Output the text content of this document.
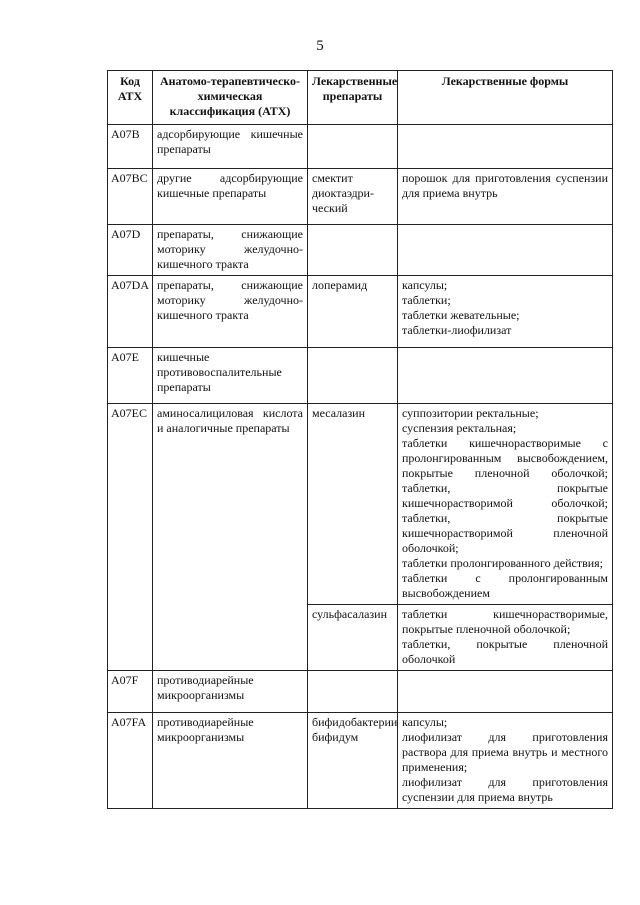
5
Код АТХ	Анатомо-терапевтическо-химическая классификация (АТХ)	Лекарственные препараты	Лекарственные формы
A07B	адсорбирующие кишечные препараты		
A07BC	другие адсорбирующие кишечные препараты	смектит диоктаэдри-ческий	порошок для приготовления суспензии для приема внутрь

A07D	препараты, снижающие моторику желудочно-кишечного тракта		
A07DA	препараты, снижающие моторику желудочно-кишечного тракта	лоперамид	капсулы;
таблетки;
таблетки жевательные;
таблетки-лиофилизат

A07E	кишечные противовоспалительные препараты		
A07EC	аминосалициловая кислота и аналогичные препараты	месалазин	суппозитории ректальные;
суспензия ректальная;
таблетки кишечнорастворимые с пролонгированным высвобождением, покрытые пленочной оболочкой; таблетки, покрытые кишечнорастворимой оболочкой; таблетки, покрытые кишечнорастворимой пленочной оболочкой;
таблетки пролонгированного действия;
таблетки с пролонгированным высвобождением

		сульфасалазин	таблетки кишечнорастворимые, покрытые пленочной оболочкой;
таблетки, покрытые пленочной оболочкой

A07F	противодиарейные микроорганизмы		
A07FA	противодиарейные микроорганизмы	бифидобактерии бифидум	капсулы;
лиофилизат для приготовления раствора для приема внутрь и местного применения;
лиофилизат для приготовления суспензии для приема внутрь
